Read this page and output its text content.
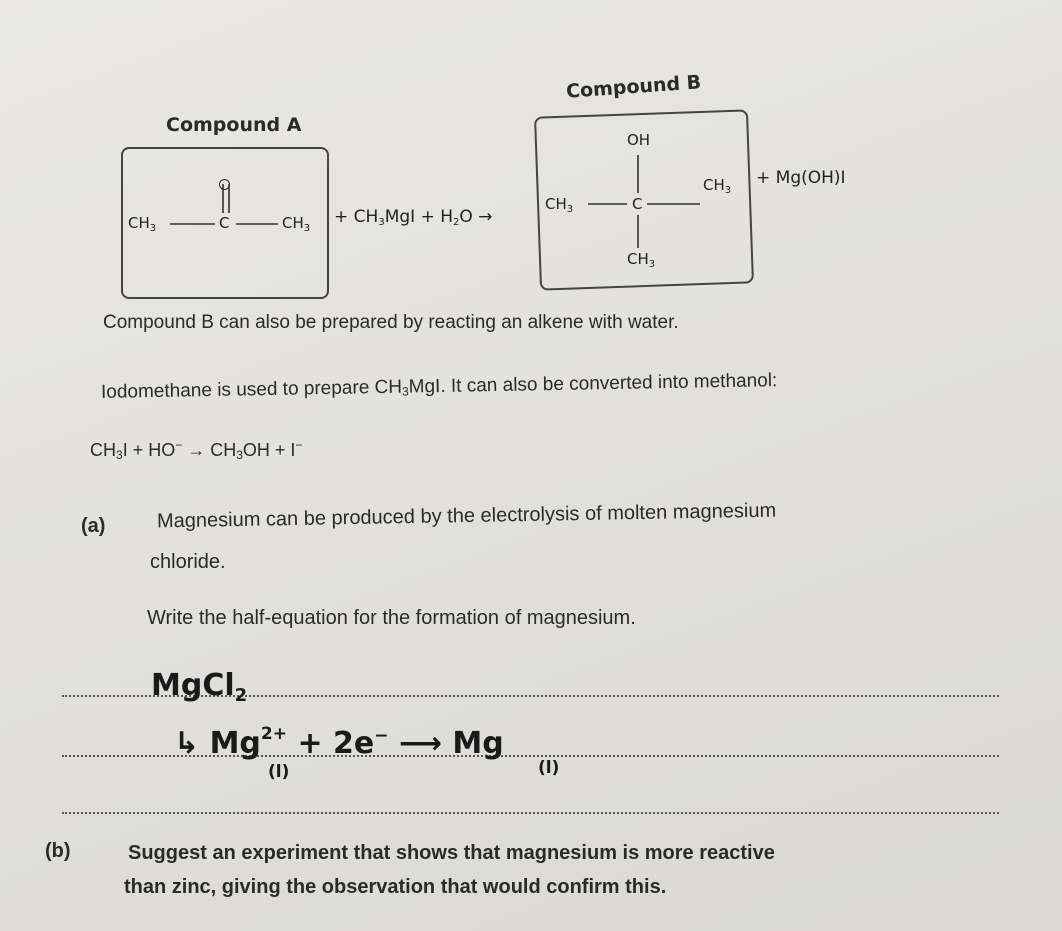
Compound A
$CH_3$	C	$CH_3$
+ $CH_3MgI + H_2O$ →
Compound B
OH
$CH_3$	C
$CH_3$
$CH_3$
+ Mg(OH)I
Compound B can also be prepared by reacting an alkene with water.
Iodomethane is used to prepare $CH_3MgI$. It can also be converted into methanol:
$CH_3I + HO^- \to CH_3OH + I^-$
(a)	Magnesium can be produced by the electrolysis of molten magnesium
chloride.
Write the half-equation for the formation of magnesium.
MgCl$_2$
↳ $Mg^{2+} + 2e^-$ ⟶ Mg
(l)	(l)
(b)	Suggest an experiment that shows that magnesium is more reactive
than zinc, giving the observation that would confirm this.
